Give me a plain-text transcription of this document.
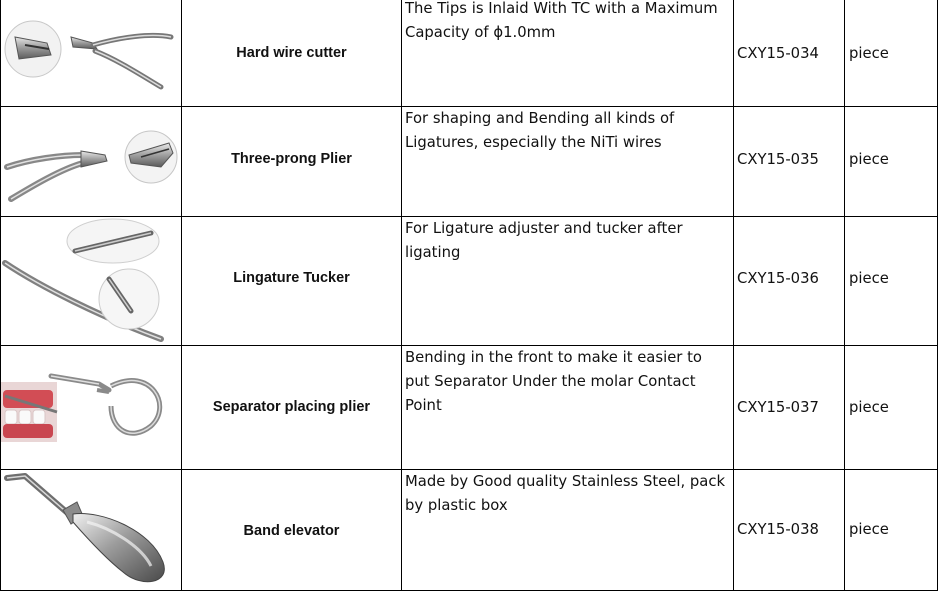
Hard wire cutter	The Tips is Inlaid With TC with a Maximum Capacity of ϕ1.0mm	CXY15-034	piece

Three-prong Plier	For shaping and Bending all kinds of Ligatures, especially the NiTi wires	CXY15-035	piece

Lingature Tucker	For Ligature adjuster and tucker after ligating	CXY15-036	piece

Separator placing plier	Bending in the front to make it easier to put Separator Under the molar Contact Point	CXY15-037	piece

Band elevator	Made by Good quality Stainless Steel, pack by plastic box	CXY15-038	piece
